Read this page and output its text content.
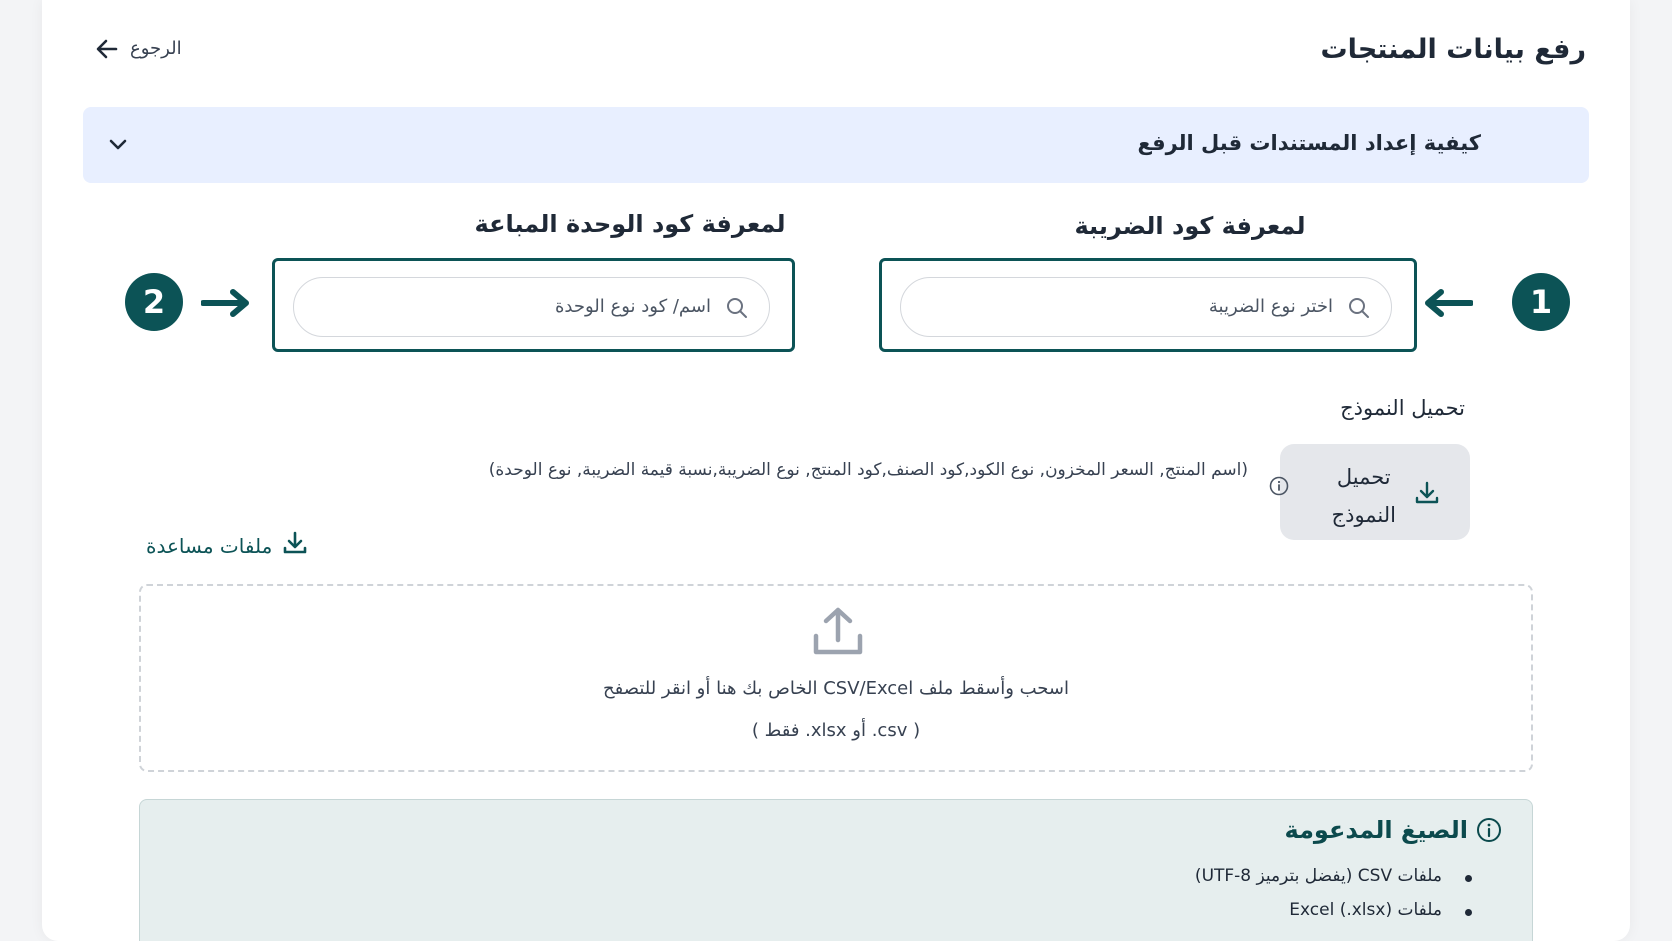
رفع بيانات المنتجات
الرجوع
كيفية إعداد المستندات قبل الرفع
لمعرفة كود الضريبة
اختر نوع الضريبة	1
لمعرفة كود الوحدة المباعة
اسم/ كود نوع الوحدة
2
تحميل النموذج
تحميل
النموذج
(اسم المنتج, السعر المخزون, نوع الكود,كود الصنف,كود المنتج, نوع الضريبة,نسبة قيمة الضريبة, نوع الوحدة)
ملفات مساعدة
اسحب وأسقط ملف CSV/Excel الخاص بك هنا أو انقر للتصفح
( csv. أو xlsx. فقط )
الصيغ المدعومة
ملفات CSV (يفضل بترميز UTF-8)
ملفات Excel (.xlsx)
